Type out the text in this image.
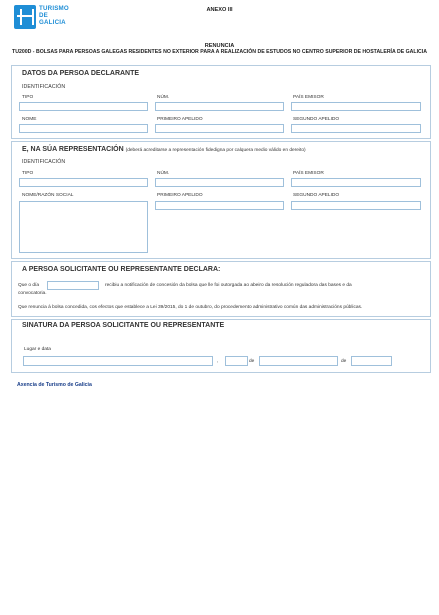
TURISMO
DE
GALICIA
ANEXO III
RENUNCIA
TU200D - BOLSAS PARA PERSOAS GALEGAS RESIDENTES NO EXTERIOR PARA A REALIZACIÓN DE ESTUDOS NO CENTRO SUPERIOR DE HOSTALERÍA DE GALICIA
DATOS DA PERSOA DECLARANTE
IDENTIFICACIÓN
TIPO	NÚM.	PAÍS EMISOR
NOME	PRIMEIRO APELIDO	SEGUNDO APELIDO
E, NA SÚA REPRESENTACIÓN (deberá acreditarse a representación fidedigna por calquera medio válido en dereito)
IDENTIFICACIÓN
TIPO	NÚM.	PAÍS EMISOR
NOME/RAZÓN SOCIAL	PRIMEIRO APELIDO	SEGUNDO APELIDO
A PERSOA SOLICITANTE OU REPRESENTANTE DECLARA:
Que o día	recibiu a notificación de concesión da bolsa que lle foi outorgada ao abeiro da resolución reguladora das bases e da
convocatoria.
Que renuncia á bolsa concedida, cos efectos que establece a Lei 39/2015, do 1 de outubro, do procedemento administrativo común das administracións públicas.
SINATURA DA PERSOA SOLICITANTE OU REPRESENTANTE
Lugar e data
,	de	de
Axencia de Turismo de Galicia
